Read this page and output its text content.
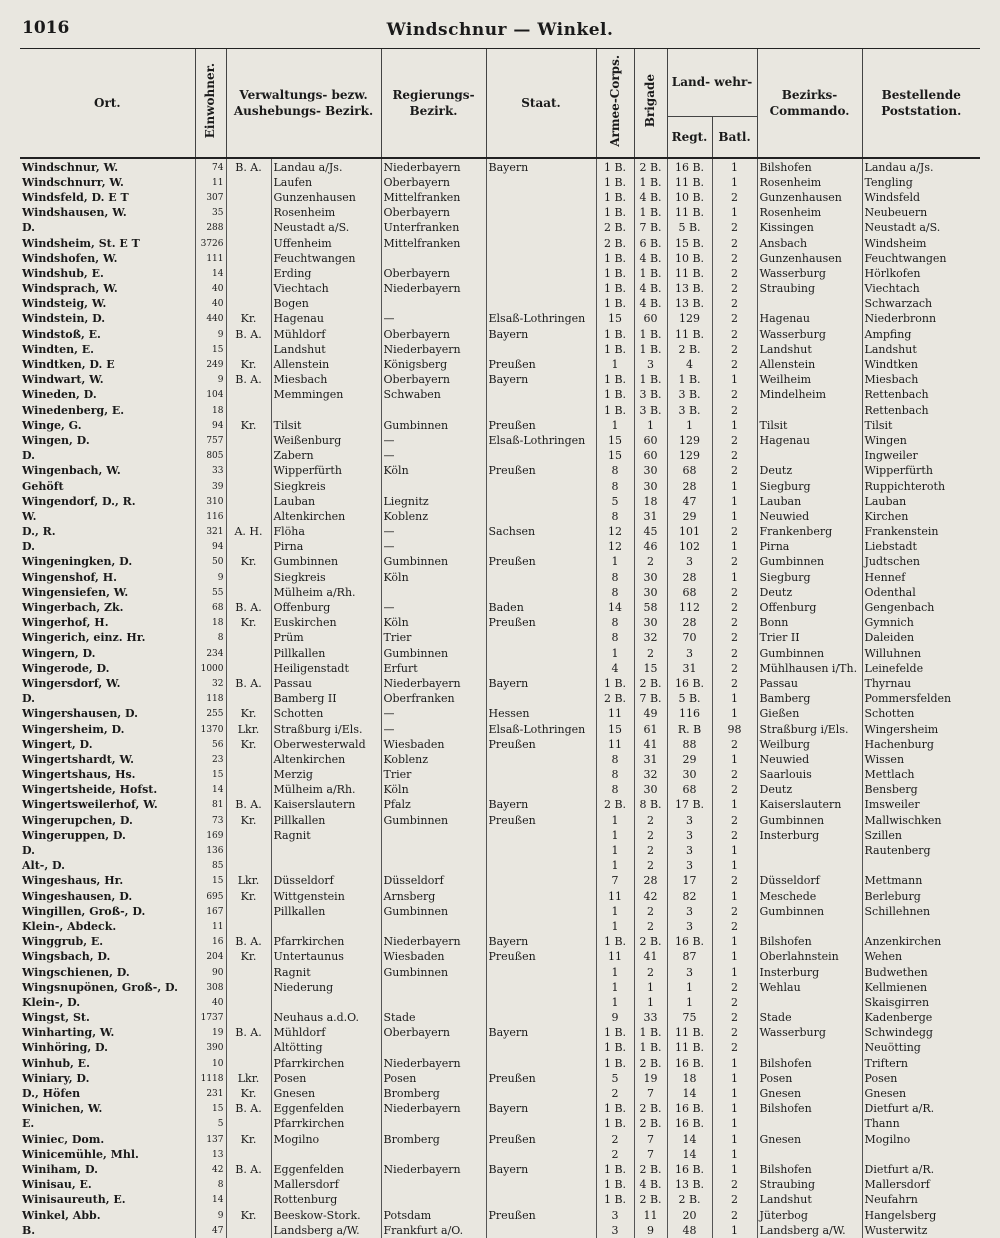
1016	Windschnur — Winkel.
Ort.	Einwohner.	Verwaltungs- bezw. Aushebungs- Bezirk.		Regierungs- Bezirk.	Staat.	Armee-Corps.	Brigade	Land- wehr-
Regt. Batl.		Bezirks- Commando.	Bestellende Poststation.
Windschnur, W.	74	B. A.	Landau a/Js.	Niederbayern	Bayern	1 B.	2 B.	16 B.	1	Bilshofen	Landau a/Js.
Windschnurr, W.	11		Laufen	Oberbayern		1 B.	1 B.	11 B.	1	Rosenheim	Tengling
Windsfeld, D. E T	307		Gunzenhausen	Mittelfranken		1 B.	4 B.	10 B.	2	Gunzenhausen	Windsfeld
Windshausen, W.	35		Rosenheim	Oberbayern		1 B.	1 B.	11 B.	1	Rosenheim	Neubeuern
D.	288		Neustadt a/S.	Unterfranken		2 B.	7 B.	5 B.	2	Kissingen	Neustadt a/S.
Windsheim, St. E T	3726		Uffenheim	Mittelfranken		2 B.	6 B.	15 B.	2	Ansbach	Windsheim
Windshofen, W.	111		Feuchtwangen			1 B.	4 B.	10 B.	2	Gunzenhausen	Feuchtwangen
Windshub, E.	14		Erding	Oberbayern		1 B.	1 B.	11 B.	2	Wasserburg	Hörlkofen
Windsprach, W.	40		Viechtach	Niederbayern		1 B.	4 B.	13 B.	2	Straubing	Viechtach
Windsteig, W.	40		Bogen			1 B.	4 B.	13 B.	2		Schwarzach
Windstein, D.	440	Kr.	Hagenau	—	Elsaß-Lothringen	15	60	129	2	Hagenau	Niederbronn
Windstoß, E.	9	B. A.	Mühldorf	Oberbayern	Bayern	1 B.	1 B.	11 B.	2	Wasserburg	Ampfing
Windten, E.	15		Landshut	Niederbayern		1 B.	1 B.	2 B.	2	Landshut	Landshut
Windtken, D. E	249	Kr.	Allenstein	Königsberg	Preußen	1	3	4	2	Allenstein	Windtken
Windwart, W.	9	B. A.	Miesbach	Oberbayern	Bayern	1 B.	1 B.	1 B.	1	Weilheim	Miesbach
Wineden, D.	104		Memmingen	Schwaben		1 B.	3 B.	3 B.	2	Mindelheim	Rettenbach
Winedenberg, E.	18					1 B.	3 B.	3 B.	2		Rettenbach
Winge, G.	94	Kr.	Tilsit	Gumbinnen	Preußen	1	1	1	1	Tilsit	Tilsit
Wingen, D.	757		Weißenburg	—	Elsaß-Lothringen	15	60	129	2	Hagenau	Wingen
D.	805		Zabern	—		15	60	129	2		Ingweiler
Wingenbach, W.	33		Wipperfürth	Köln	Preußen	8	30	68	2	Deutz	Wipperfürth
Gehöft	39		Siegkreis			8	30	28	1	Siegburg	Ruppichteroth
Wingendorf, D., R.	310		Lauban	Liegnitz		5	18	47	1	Lauban	Lauban
W.	116		Altenkirchen	Koblenz		8	31	29	1	Neuwied	Kirchen
D., R.	321	A. H.	Flöha	—	Sachsen	12	45	101	2	Frankenberg	Frankenstein
D.	94		Pirna	—		12	46	102	1	Pirna	Liebstadt
Wingeningken, D.	50	Kr.	Gumbinnen	Gumbinnen	Preußen	1	2	3	2	Gumbinnen	Judtschen
Wingenshof, H.	9		Siegkreis	Köln		8	30	28	1	Siegburg	Hennef
Wingensiefen, W.	55		Mülheim a/Rh.			8	30	68	2	Deutz	Odenthal
Wingerbach, Zk.	68	B. A.	Offenburg	—	Baden	14	58	112	2	Offenburg	Gengenbach
Wingerhof, H.	18	Kr.	Euskirchen	Köln	Preußen	8	30	28	2	Bonn	Gymnich
Wingerich, einz. Hr.	8		Prüm	Trier		8	32	70	2	Trier II	Daleiden
Wingern, D.	234		Pillkallen	Gumbinnen		1	2	3	2	Gumbinnen	Willuhnen
Wingerode, D.	1000		Heiligenstadt	Erfurt		4	15	31	2	Mühlhausen i/Th.	Leinefelde
Wingersdorf, W.	32	B. A.	Passau	Niederbayern	Bayern	1 B.	2 B.	16 B.	2	Passau	Thyrnau
D.	118		Bamberg II	Oberfranken		2 B.	7 B.	5 B.	1	Bamberg	Pommersfelden
Wingershausen, D.	255	Kr.	Schotten	—	Hessen	11	49	116	1	Gießen	Schotten
Wingersheim, D.	1370	Lkr.	Straßburg i/Els.	—	Elsaß-Lothringen	15	61	R. B	98	Straßburg i/Els.	Wingersheim
Wingert, D.	56	Kr.	Oberwesterwald	Wiesbaden	Preußen	11	41	88	2	Weilburg	Hachenburg
Wingertshardt, W.	23		Altenkirchen	Koblenz		8	31	29	1	Neuwied	Wissen
Wingertshaus, Hs.	15		Merzig	Trier		8	32	30	2	Saarlouis	Mettlach
Wingertsheide, Hofst.	14		Mülheim a/Rh.	Köln		8	30	68	2	Deutz	Bensberg
Wingertsweilerhof, W.	81	B. A.	Kaiserslautern	Pfalz	Bayern	2 B.	8 B.	17 B.	1	Kaiserslautern	Imsweiler
Wingerupchen, D.	73	Kr.	Pillkallen	Gumbinnen	Preußen	1	2	3	2	Gumbinnen	Mallwischken
Wingeruppen, D.	169		Ragnit			1	2	3	2	Insterburg	Szillen
D.	136					1	2	3	1		Rautenberg
Alt-, D.	85					1	2	3	1		
Wingeshaus, Hr.	15	Lkr.	Düsseldorf	Düsseldorf		7	28	17	2	Düsseldorf	Mettmann
Wingeshausen, D.	695	Kr.	Wittgenstein	Arnsberg		11	42	82	1	Meschede	Berleburg
Wingillen, Groß-, D.	167		Pillkallen	Gumbinnen		1	2	3	2	Gumbinnen	Schillehnen
Klein-, Abdeck.	11					1	2	3	2		
Winggrub, E.	16	B. A.	Pfarrkirchen	Niederbayern	Bayern	1 B.	2 B.	16 B.	1	Bilshofen	Anzenkirchen
Wingsbach, D.	204	Kr.	Untertaunus	Wiesbaden	Preußen	11	41	87	1	Oberlahnstein	Wehen
Wingschienen, D.	90		Ragnit	Gumbinnen		1	2	3	1	Insterburg	Budwethen
Wingsnupönen, Groß-, D.	308		Niederung			1	1	1	2	Wehlau	Kellmienen
Klein-, D.	40					1	1	1	2		Skaisgirren
Wingst, St.	1737		Neuhaus a.d.O.	Stade		9	33	75	2	Stade	Kadenberge
Winharting, W.	19	B. A.	Mühldorf	Oberbayern	Bayern	1 B.	1 B.	11 B.	2	Wasserburg	Schwindegg
Winhöring, D.	390		Altötting			1 B.	1 B.	11 B.	2		Neuötting
Winhub, E.	10		Pfarrkirchen	Niederbayern		1 B.	2 B.	16 B.	1	Bilshofen	Triftern
Winiary, D.	1118	Lkr.	Posen	Posen	Preußen	5	19	18	1	Posen	Posen
D., Höfen	231	Kr.	Gnesen	Bromberg		2	7	14	1	Gnesen	Gnesen
Winichen, W.	15	B. A.	Eggenfelden	Niederbayern	Bayern	1 B.	2 B.	16 B.	1	Bilshofen	Dietfurt a/R.
E.	5		Pfarrkirchen			1 B.	2 B.	16 B.	1		Thann
Winiec, Dom.	137	Kr.	Mogilno	Bromberg	Preußen	2	7	14	1	Gnesen	Mogilno
Winicemühle, Mhl.	13					2	7	14	1		
Winiham, D.	42	B. A.	Eggenfelden	Niederbayern	Bayern	1 B.	2 B.	16 B.	1	Bilshofen	Dietfurt a/R.
Winisau, E.	8		Mallersdorf			1 B.	4 B.	13 B.	2	Straubing	Mallersdorf
Winisaureuth, E.	14		Rottenburg			1 B.	2 B.	2 B.	2	Landshut	Neufahrn
Winkel, Abb.	9	Kr.	Beeskow-Stork.	Potsdam	Preußen	3	11	20	2	Jüterbog	Hangelsberg
B.	47		Landsberg a/W.	Frankfurt a/O.		3	9	48	1	Landsberg a/W.	Wusterwitz
